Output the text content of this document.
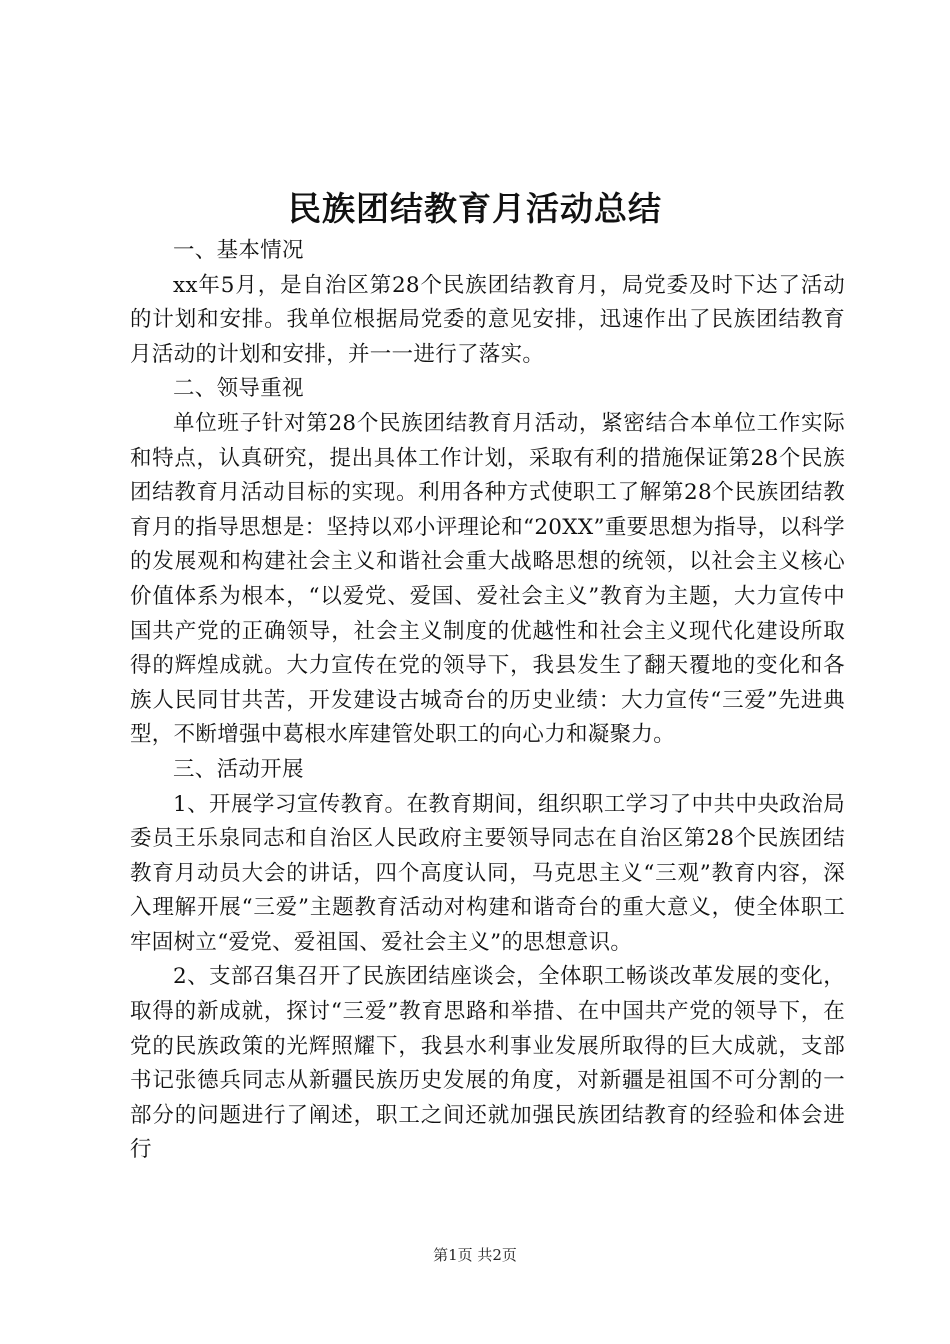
民族团结教育月活动总结

一、基本情况

xx年5月，是自治区第28个民族团结教育月，局党委及时下达了活动的计划和安排。我单位根据局党委的意见安排，迅速作出了民族团结教育月活动的计划和安排，并一一进行了落实。

二、领导重视

单位班子针对第28个民族团结教育月活动，紧密结合本单位工作实际和特点，认真研究，提出具体工作计划，采取有利的措施保证第28个民族团结教育月活动目标的实现。利用各种方式使职工了解第28个民族团结教育月的指导思想是：坚持以邓小评理论和“20XX”重要思想为指导，以科学的发展观和构建社会主义和谐社会重大战略思想的统领，以社会主义核心价值体系为根本，“以爱党、爱国、爱社会主义”教育为主题，大力宣传中国共产党的正确领导，社会主义制度的优越性和社会主义现代化建设所取得的辉煌成就。大力宣传在党的领导下，我县发生了翻天覆地的变化和各族人民同甘共苦，开发建设古城奇台的历史业绩：大力宣传“三爱”先进典型，不断增强中葛根水库建管处职工的向心力和凝聚力。

三、活动开展

1、开展学习宣传教育。在教育期间，组织职工学习了中共中央政治局委员王乐泉同志和自治区人民政府主要领导同志在自治区第28个民族团结教育月动员大会的讲话，四个高度认同，马克思主义“三观”教育内容，深入理解开展“三爱”主题教育活动对构建和谐奇台的重大意义，使全体职工牢固树立“爱党、爱祖国、爱社会主义”的思想意识。

2、支部召集召开了民族团结座谈会，全体职工畅谈改革发展的变化，取得的新成就，探讨“三爱”教育思路和举措、在中国共产党的领导下，在党的民族政策的光辉照耀下，我县水利事业发展所取得的巨大成就，支部书记张德兵同志从新疆民族历史发展的角度，对新疆是祖国不可分割的一部分的问题进行了阐述，职工之间还就加强民族团结教育的经验和体会进行

第1页 共2页
